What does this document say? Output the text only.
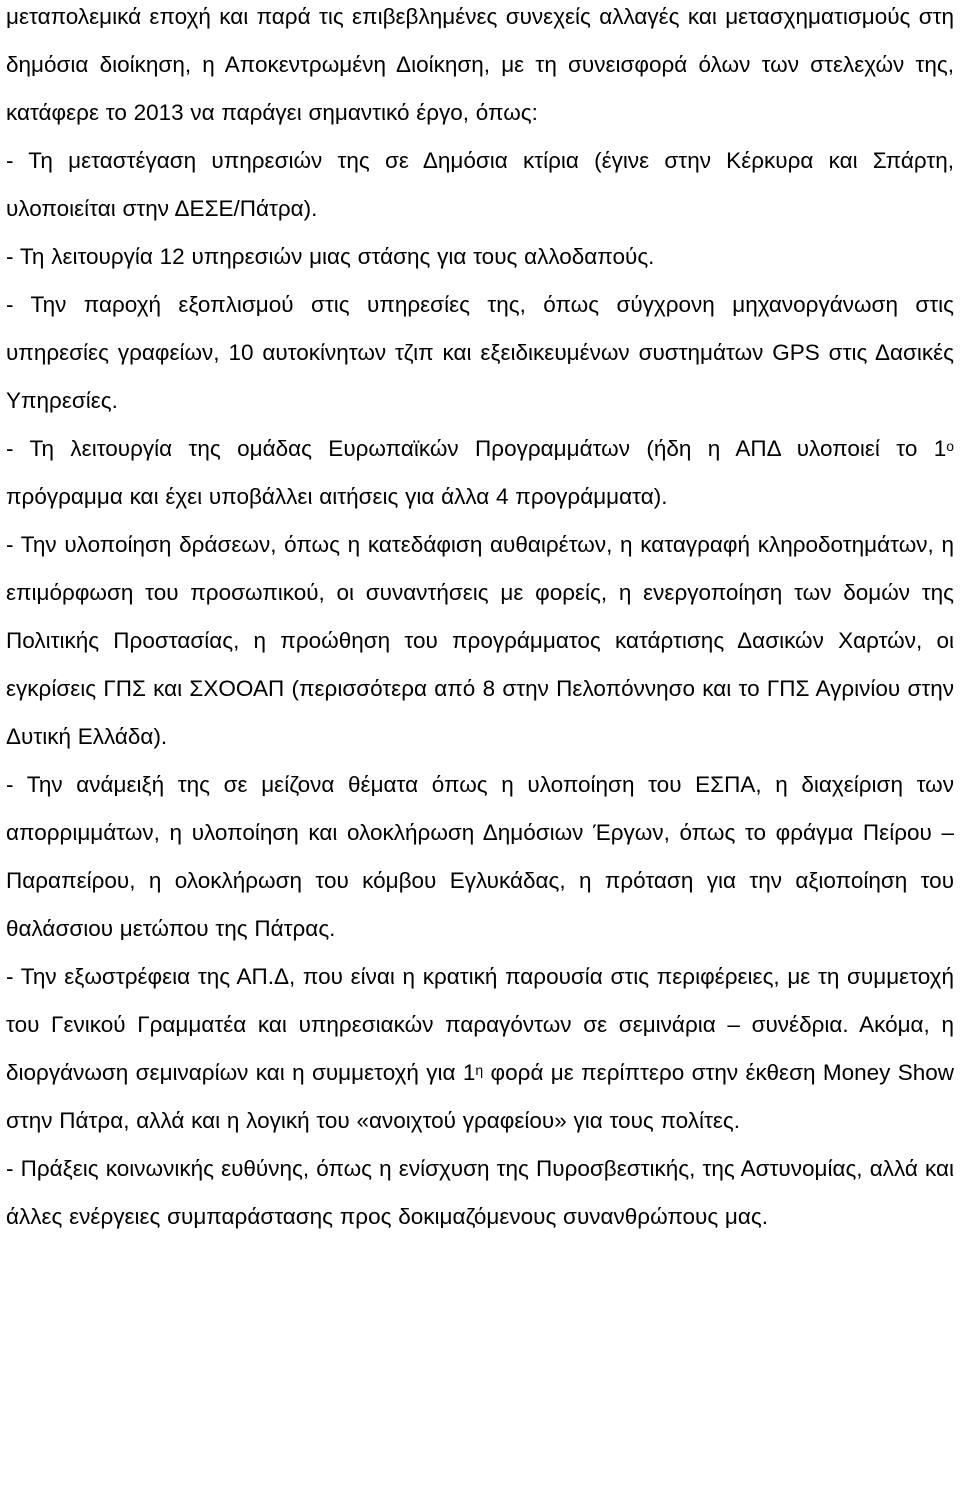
μεταπολεμικά εποχή και παρά τις επιβεβλημένες συνεχείς αλλαγές και μετασχηματισμούς στη δημόσια διοίκηση, η Αποκεντρωμένη Διοίκηση, με τη συνεισφορά όλων των στελεχών της, κατάφερε το 2013 να παράγει σημαντικό έργο, όπως:

- Τη μεταστέγαση υπηρεσιών της σε Δημόσια κτίρια (έγινε στην Κέρκυρα και Σπάρτη, υλοποιείται στην ΔΕΣΕ/Πάτρα).

- Τη λειτουργία 12 υπηρεσιών μιας στάσης για τους αλλοδαπούς.

- Την παροχή εξοπλισμού στις υπηρεσίες της, όπως σύγχρονη μηχανοργάνωση στις υπηρεσίες γραφείων, 10 αυτοκίνητων τζιπ και εξειδικευμένων συστημάτων GPS στις Δασικές Υπηρεσίες.

- Τη λειτουργία της ομάδας Ευρωπαϊκών Προγραμμάτων (ήδη η ΑΠΔ υλοποιεί το $1^o$ πρόγραμμα και έχει υποβάλλει αιτήσεις για άλλα 4 προγράμματα).

- Την υλοποίηση δράσεων, όπως η κατεδάφιση αυθαιρέτων, η καταγραφή κληροδοτημάτων, η επιμόρφωση του προσωπικού, οι συναντήσεις με φορείς, η ενεργοποίηση των δομών της Πολιτικής Προστασίας, η προώθηση του προγράμματος κατάρτισης Δασικών Χαρτών, οι εγκρίσεις ΓΠΣ και ΣΧΟΟΑΠ (περισσότερα από 8 στην Πελοπόννησο και το ΓΠΣ Αγρινίου στην Δυτική Ελλάδα).

- Την ανάμειξή της σε μείζονα θέματα όπως η υλοποίηση του ΕΣΠΑ, η διαχείριση των απορριμμάτων, η υλοποίηση και ολοκλήρωση Δημόσιων Έργων, όπως το φράγμα Πείρου – Παραπείρου, η ολοκλήρωση του κόμβου Εγλυκάδας, η πρόταση για την αξιοποίηση του θαλάσσιου μετώπου της Πάτρας.

- Την εξωστρέφεια της ΑΠ.Δ, που είναι η κρατική παρουσία στις περιφέρειες, με τη συμμετοχή του Γενικού Γραμματέα και υπηρεσιακών παραγόντων σε σεμινάρια – συνέδρια. Ακόμα, η διοργάνωση σεμιναρίων και η συμμετοχή για $1^\eta$ φορά με περίπτερο στην έκθεση Money Show στην Πάτρα, αλλά και η λογική του «ανοιχτού γραφείου» για τους πολίτες.

- Πράξεις κοινωνικής ευθύνης, όπως η ενίσχυση της Πυροσβεστικής, της Αστυνομίας, αλλά και άλλες ενέργειες συμπαράστασης προς δοκιμαζόμενους συνανθρώπους μας.
